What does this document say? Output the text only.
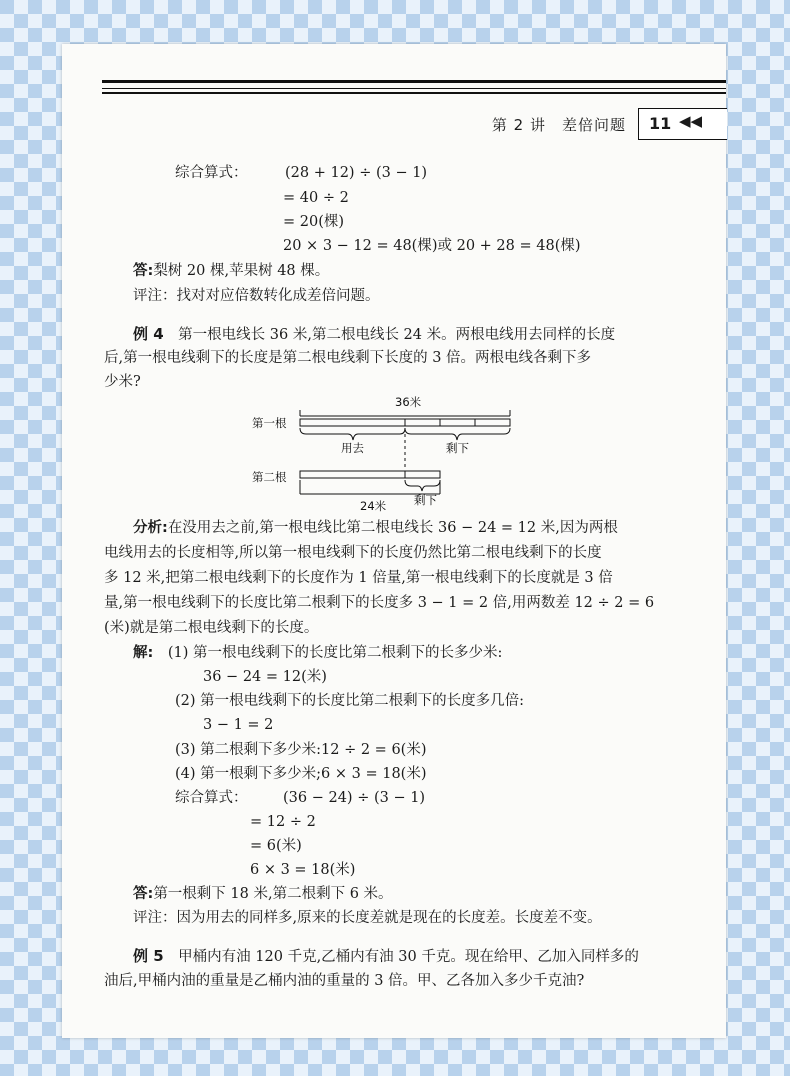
第 2 讲　差倍问题 11 ◀◀
综合算式：	(28 + 12) ÷ (3 − 1)
= 40 ÷ 2
= 20(棵)
20 × 3 − 12 = 48(棵)或 20 + 28 = 48(棵)
答:梨树 20 棵,苹果树 48 棵。
评注：找对对应倍数转化成差倍问题。
例 4　 第一根电线长 36 米,第二根电线长 24 米。两根电线用去同样的长度
后,第一根电线剩下的长度是第二根电线剩下长度的 3 倍。两根电线各剩下多
少米?
36米
第一根
用去	剩下
第二根
剩下
24米
分析:在没用去之前,第一根电线比第二根电线长 36 − 24 = 12 米,因为两根
电线用去的长度相等,所以第一根电线剩下的长度仍然比第二根电线剩下的长度
多 12 米,把第二根电线剩下的长度作为 1 倍量,第一根电线剩下的长度就是 3 倍
量,第一根电线剩下的长度比第二根剩下的长度多 3 − 1 = 2 倍,用两数差 12 ÷ 2 = 6
(米)就是第二根电线剩下的长度。
解:　 (1) 第一根电线剩下的长度比第二根剩下的长多少米:
36 − 24 = 12(米)
(2) 第一根电线剩下的长度比第二根剩下的长度多几倍:
3 − 1 = 2
(3) 第二根剩下多少米:12 ÷ 2 = 6(米)
(4) 第一根剩下多少米;6 × 3 = 18(米)
综合算式： (36 − 24) ÷ (3 − 1)
= 12 ÷ 2
= 6(米)
6 × 3 = 18(米)
答:第一根剩下 18 米,第二根剩下 6 米。
评注：因为用去的同样多,原来的长度差就是现在的长度差。长度差不变。
例 5　 甲桶内有油 120 千克,乙桶内有油 30 千克。现在给甲、乙加入同样多的
油后,甲桶内油的重量是乙桶内油的重量的 3 倍。甲、乙各加入多少千克油?
